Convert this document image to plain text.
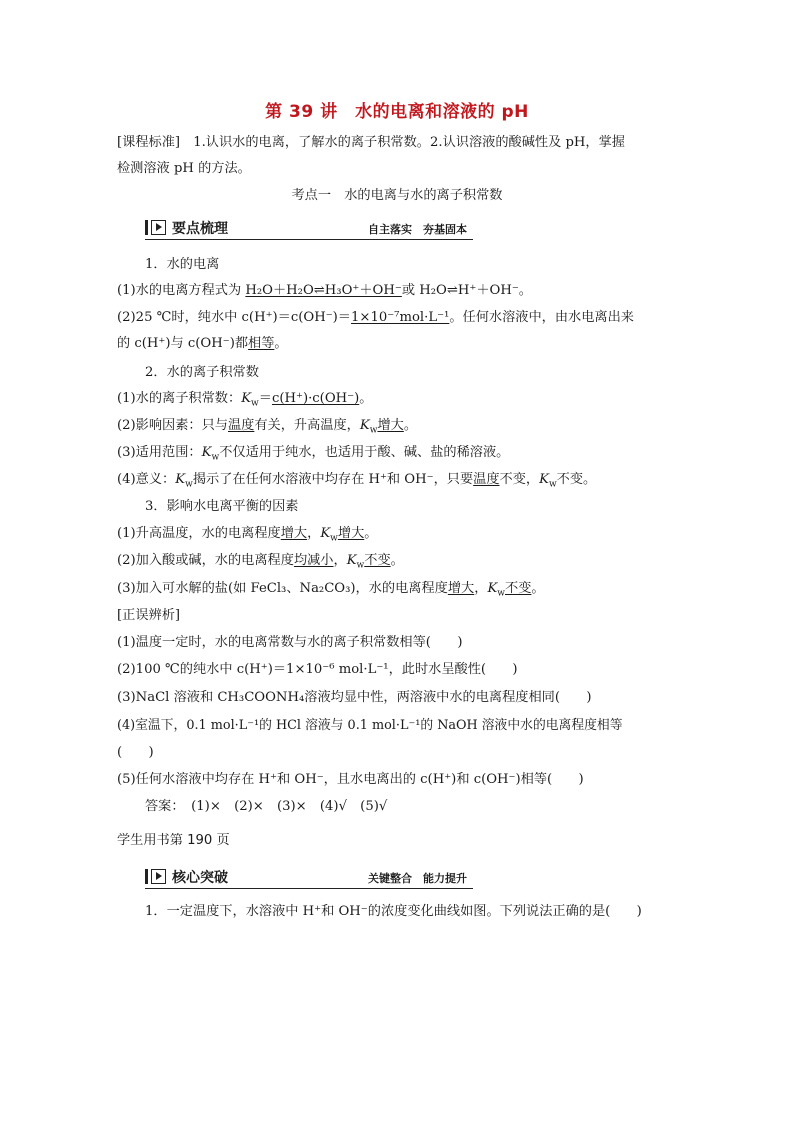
第 39 讲　水的电离和溶液的 pH
[课程标准]　1.认识水的电离，了解水的离子积常数。2.认识溶液的酸碱性及 pH，掌握
检测溶液 pH 的方法。
考点一　水的电离与水的离子积常数
要点梳理	自主落实　夯基固本
1．水的电离
(1)水的电离方程式为 H₂O＋H₂O⇌H₃O⁺＋OH⁻或 H₂O⇌H⁺＋OH⁻。
(2)25 ℃时，纯水中 c(H⁺)＝c(OH⁻)＝1×10⁻⁷mol·L⁻¹。任何水溶液中，由水电离出来
的 c(H⁺)与 c(OH⁻)都相等。
2．水的离子积常数
(1)水的离子积常数：$K_w=c(H^+)\cdot c(OH^-)$。
(2)影响因素：只与温度有关，升高温度，$K_w$增大。
(3)适用范围：$K_w$不仅适用于纯水，也适用于酸、碱、盐的稀溶液。
(4)意义：$K_w$揭示了在任何水溶液中均存在 H⁺和 OH⁻，只要温度不变，$K_w$不变。
3．影响水电离平衡的因素
(1)升高温度，水的电离程度增大，$K_w$增大。
(2)加入酸或碱，水的电离程度均减小，$K_w$不变。
(3)加入可水解的盐(如 FeCl₃、Na₂CO₃)，水的电离程度增大，$K_w$不变。
[正误辨析]
(1)温度一定时，水的电离常数与水的离子积常数相等(　　)
(2)100 ℃的纯水中 c(H⁺)＝1×10⁻⁶ mol·L⁻¹，此时水呈酸性(　　)
(3)NaCl 溶液和 CH₃COONH₄溶液均显中性，两溶液中水的电离程度相同(　　)
(4)室温下，0.1 mol·L⁻¹的 HCl 溶液与 0.1 mol·L⁻¹的 NaOH 溶液中水的电离程度相等
(　　)
(5)任何水溶液中均存在 H⁺和 OH⁻，且水电离出的 c(H⁺)和 c(OH⁻)相等(　　)
答案：　(1)×　(2)×　(3)×　(4)√　(5)√
学生用书第 190 页
核心突破	关键整合　能力提升
1．一定温度下，水溶液中 H⁺和 OH⁻的浓度变化曲线如图。下列说法正确的是(　　)
